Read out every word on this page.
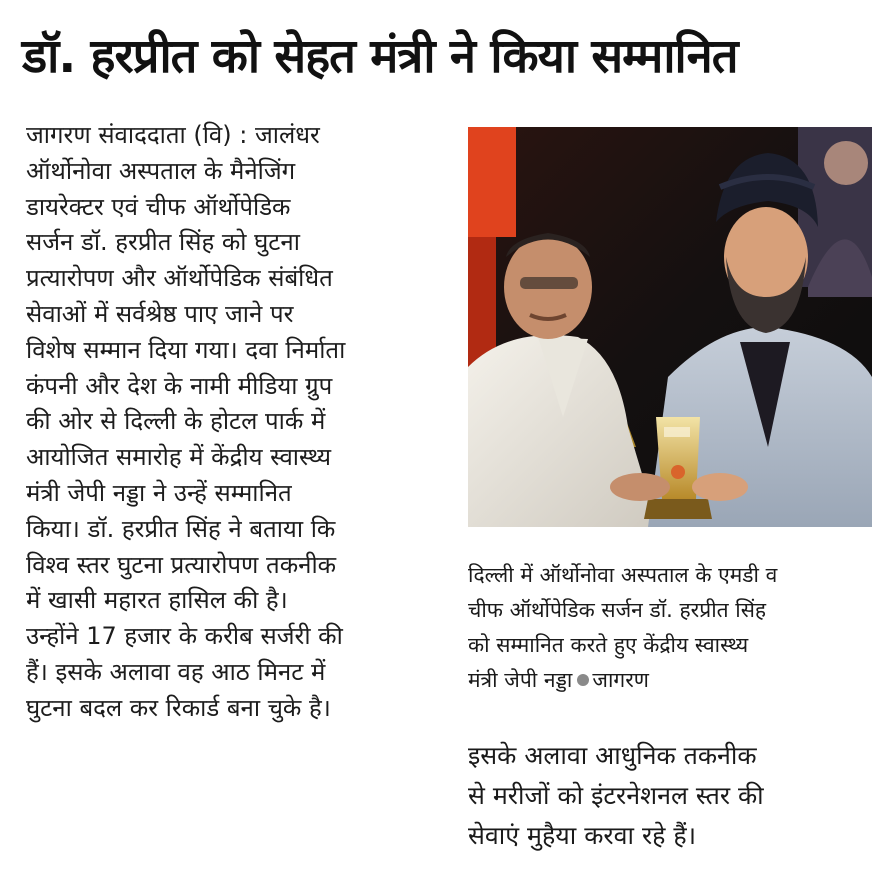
डॉ. हरप्रीत को सेहत मंत्री ने किया सम्मानित
जागरण संवाददाता (वि) : जालंधर
ऑर्थोनोवा अस्पताल के मैनेजिंग
डायरेक्टर एवं चीफ ऑर्थोपेडिक
सर्जन डॉ. हरप्रीत सिंह को घुटना
प्रत्यारोपण और ऑर्थोपेडिक संबंधित
सेवाओं में सर्वश्रेष्ठ पाए जाने पर
विशेष सम्मान दिया गया। दवा निर्माता
कंपनी और देश के नामी मीडिया ग्रुप
की ओर से दिल्ली के होटल पार्क में
आयोजित समारोह में केंद्रीय स्वास्थ्य
मंत्री जेपी नड्डा ने उन्हें सम्मानित
किया। डॉ. हरप्रीत सिंह ने बताया कि
विश्व स्तर घुटना प्रत्यारोपण तकनीक
में खासी महारत हासिल की है।
उन्होंने 17 हजार के करीब सर्जरी की
हैं। इसके अलावा वह आठ मिनट में
घुटना बदल कर रिकार्ड बना चुके है।
दिल्ली में ऑर्थोनोवा अस्पताल के एमडी व
चीफ ऑर्थोपेडिक सर्जन डॉ. हरप्रीत सिंह
को सम्मानित करते हुए केंद्रीय स्वास्थ्य
मंत्री जेपी नड्डा जागरण
इसके अलावा आधुनिक तकनीक
से मरीजों को इंटरनेशनल स्तर की
सेवाएं मुहैया करवा रहे हैं।
